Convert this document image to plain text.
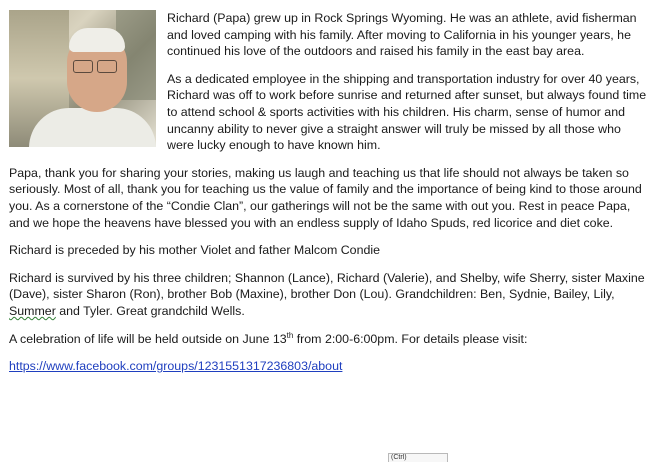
Richard (Papa) grew up in Rock Springs Wyoming. He was an athlete, avid fisherman and loved camping with his family. After moving to California in his younger years, he continued his love of the outdoors and raised his family in the east bay area.

As a dedicated employee in the shipping and transportation industry for over 40 years, Richard was off to work before sunrise and returned after sunset, but always found time to attend school & sports activities with his children. His charm, sense of humor and uncanny ability to never give a straight answer will truly be missed by all those who were lucky enough to have known him.

Papa, thank you for sharing your stories, making us laugh and teaching us that life should not always be taken so seriously. Most of all, thank you for teaching us the value of family and the importance of being kind to those around you. As a cornerstone of the “Condie Clan”, our gatherings will not be the same with out you. Rest in peace Papa, and we hope the heavens have blessed you with an endless supply of Idaho Spuds, red licorice and diet coke.

Richard is preceded by his mother Violet and father Malcom Condie

Richard is survived by his three children; Shannon (Lance), Richard (Valerie), and Shelby, wife Sherry, sister Maxine (Dave), sister Sharon (Ron), brother Bob (Maxine), brother Don (Lou). Grandchildren: Ben, Sydnie, Bailey, Lily, Summer and Tyler. Great grandchild Wells.

A celebration of life will be held outside on June 13th from 2:00-6:00pm. For details please visit:

https://www.facebook.com/groups/1231551317236803/about

(Ctrl)
